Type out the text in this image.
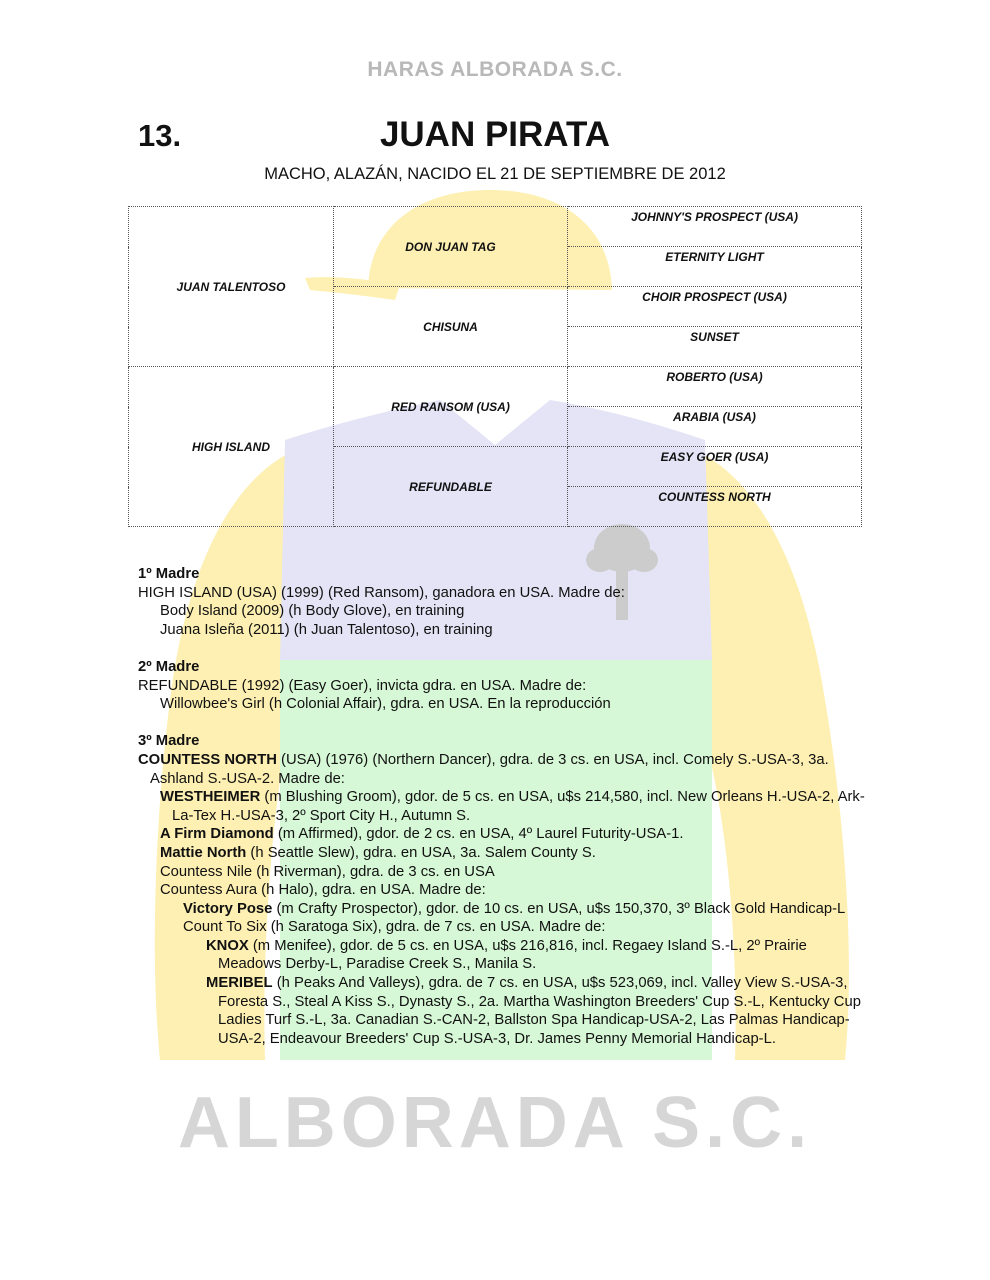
HARAS ALBORADA S.C.
13.	JUAN PIRATA
MACHO, ALAZÁN, NACIDO EL 21 DE SEPTIEMBRE DE 2012
JUAN TALENTOSO	DON JUAN TAG	JOHNNY'S PROSPECT (USA)
		ETERNITY LIGHT
	CHISUNA	CHOIR PROSPECT (USA)
		SUNSET
HIGH ISLAND	RED RANSOM (USA)	ROBERTO (USA)
		ARABIA (USA)
	REFUNDABLE	EASY GOER (USA)
		COUNTESS NORTH
1º Madre
HIGH ISLAND (USA) (1999) (Red Ransom), ganadora en USA. Madre de:
Body Island (2009) (h Body Glove), en training
Juana Isleña (2011) (h Juan Talentoso), en training
2º Madre
REFUNDABLE (1992) (Easy Goer), invicta gdra. en USA. Madre de:
Willowbee's Girl (h Colonial Affair), gdra. en USA. En la reproducción
3º Madre
COUNTESS NORTH (USA) (1976) (Northern Dancer), gdra. de 3 cs. en USA, incl. Comely S.-USA-3, 3a. Ashland S.-USA-2. Madre de:
WESTHEIMER (m Blushing Groom), gdor. de 5 cs. en USA, u$s 214,580, incl. New Orleans H.-USA-2, Ark-La-Tex H.-USA-3, 2º Sport City H., Autumn S.
A Firm Diamond (m Affirmed), gdor. de 2 cs. en USA, 4º Laurel Futurity-USA-1.
Mattie North (h Seattle Slew), gdra. en USA, 3a. Salem County S.
Countess Nile (h Riverman), gdra. de 3 cs. en USA
Countess Aura (h Halo), gdra. en USA. Madre de:
Victory Pose (m Crafty Prospector), gdor. de 10 cs. en USA, u$s 150,370, 3º Black Gold Handicap-L
Count To Six (h Saratoga Six), gdra. de 7 cs. en USA. Madre de:
KNOX (m Menifee), gdor. de 5 cs. en USA, u$s 216,816, incl. Regaey Island S.-L, 2º Prairie Meadows Derby-L, Paradise Creek S., Manila S.
MERIBEL (h Peaks And Valleys), gdra. de 7 cs. en USA, u$s 523,069, incl. Valley View S.-USA-3, Foresta S., Steal A Kiss S., Dynasty S., 2a. Martha Washington Breeders' Cup S.-L, Kentucky Cup Ladies Turf S.-L, 3a. Canadian S.-CAN-2, Ballston Spa Handicap-USA-2, Las Palmas Handicap-USA-2, Endeavour Breeders' Cup S.-USA-3, Dr. James Penny Memorial Handicap-L.
ALBORADA S.C.
